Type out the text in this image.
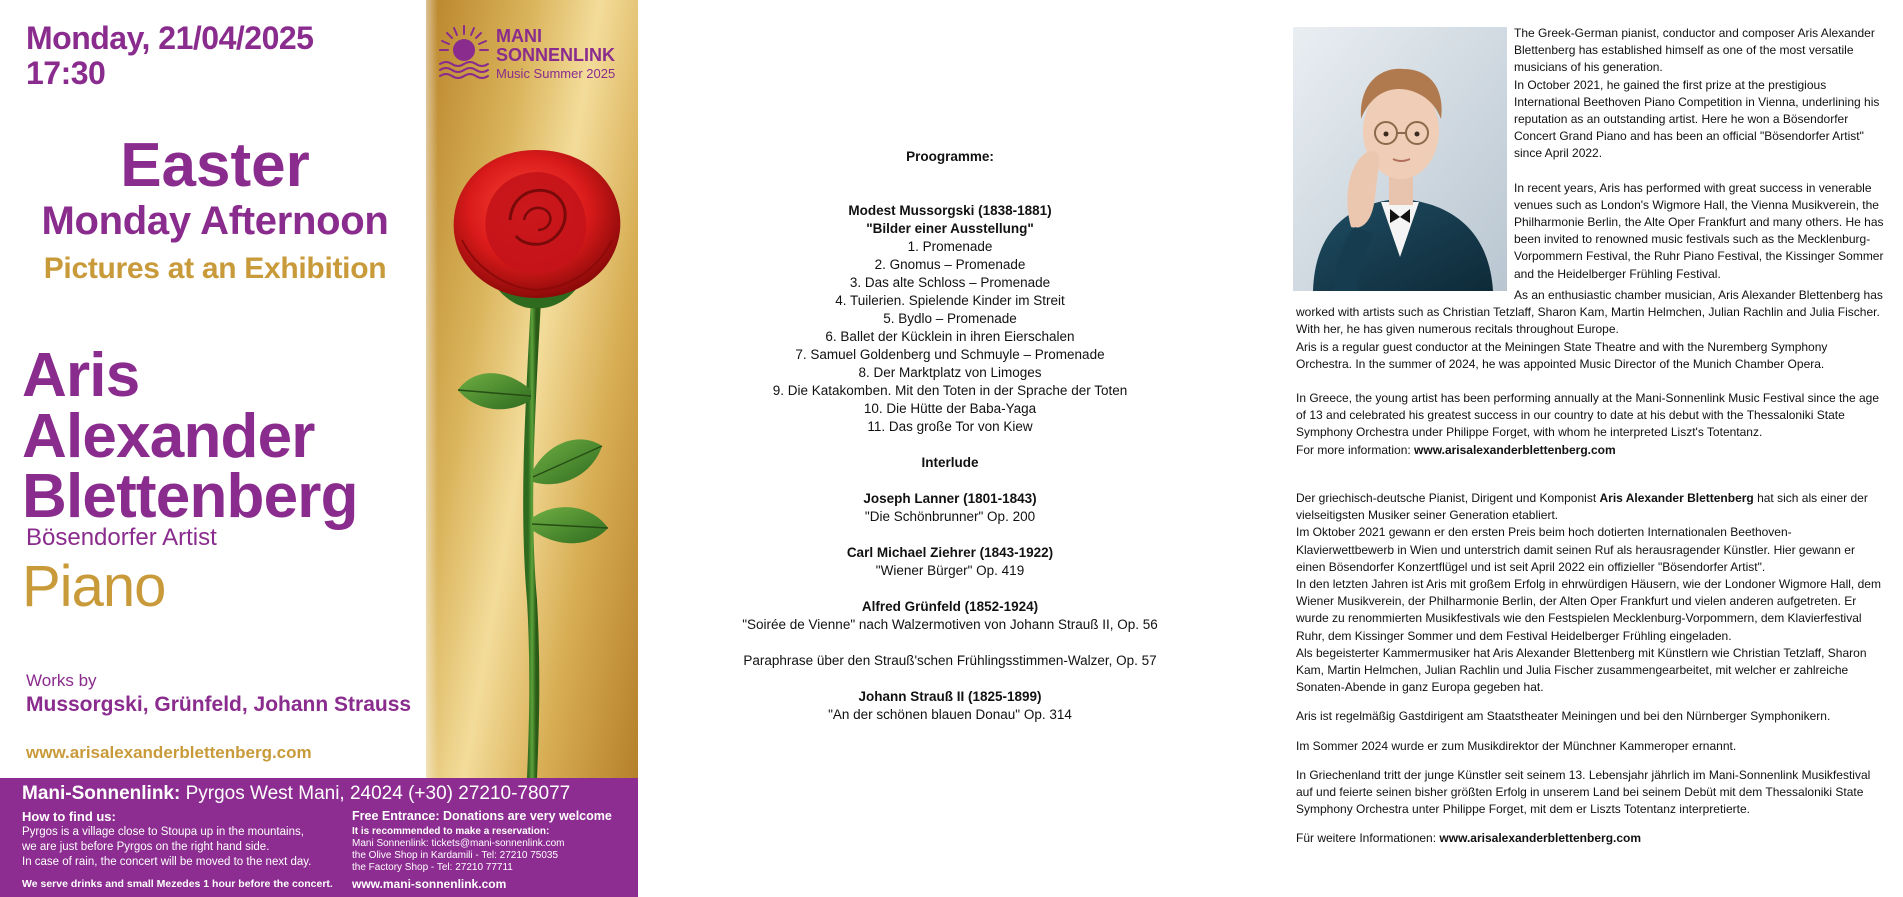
Monday, 21/04/2025
17:30
MANI
SONNENLINK
Music Summer 2025
Easter
Monday Afternoon
Pictures at an Exhibition
Aris
Alexander
Blettenberg
Bösendorfer Artist
Piano
Works by
Mussorgski, Grünfeld, Johann Strauss
www.arisalexanderblettenberg.com
Mani-Sonnenlink: Pyrgos West Mani, 24024 (+30) 27210-78077
How to find us:
Pyrgos is a village close to Stoupa up in the mountains,
we are just before Pyrgos on the right hand side.
In case of rain, the concert will be moved to the next day.
We serve drinks and small Mezedes 1 hour before the concert.
Free Entrance: Donations are very welcome
It is recommended to make a reservation:
Mani Sonnenlink: tickets@mani-sonnenlink.com
the Olive Shop in Kardamili - Tel: 27210 75035
the Factory Shop - Tel: 27210 77711
www.mani-sonnenlink.com
Proogramme:
Modest Mussorgski (1838-1881)
"Bilder einer Ausstellung"
1. Promenade
2. Gnomus – Promenade
3. Das alte Schloss – Promenade
4. Tuilerien. Spielende Kinder im Streit
5. Bydlo – Promenade
6. Ballet der Kücklein in ihren Eierschalen
7. Samuel Goldenberg und Schmuyle – Promenade
8. Der Marktplatz von Limoges
9. Die Katakomben. Mit den Toten in der Sprache der Toten
10. Die Hütte der Baba-Yaga
11. Das große Tor von Kiew
Interlude
Joseph Lanner (1801-1843)
"Die Schönbrunner" Op. 200
Carl Michael Ziehrer (1843-1922)
"Wiener Bürger" Op. 419
Alfred Grünfeld (1852-1924)
"Soirée de Vienne" nach Walzermotiven von Johann Strauß II, Op. 56
Paraphrase über den Strauß'schen Frühlingsstimmen-Walzer, Op. 57
Johann Strauß II (1825-1899)
"An der schönen blauen Donau" Op. 314

The Greek-German pianist, conductor and composer Aris Alexander Blettenberg has established himself as one of the most versatile musicians of his generation.

In October 2021, he gained the first prize at the prestigious International Beethoven Piano Competition in Vienna, underlining his reputation as an outstanding artist. Here he won a Bösendorfer Concert Grand Piano and has been an official "Bösendorfer Artist" since April 2022.

In recent years, Aris has performed with great success in venerable venues such as London's Wigmore Hall, the Vienna Musikverein, the Philharmonie Berlin, the Alte Oper Frankfurt and many others. He has been invited to renowned music festivals such as the Mecklenburg-Vorpommern Festival, the Ruhr Piano Festival, the Kissinger Sommer and the Heidelberger Frühling Festival.

As an enthusiastic chamber musician, Aris Alexander Blettenberg has worked with artists such as Christian Tetzlaff, Sharon Kam, Martin Helmchen, Julian Rachlin and Julia Fischer. With her, he has given numerous recitals throughout Europe.

Aris is a regular guest conductor at the Meiningen State Theatre and with the Nuremberg Symphony Orchestra. In the summer of 2024, he was appointed Music Director of the Munich Chamber Opera.

In Greece, the young artist has been performing annually at the Mani-Sonnenlink Music Festival since the age of 13 and celebrated his greatest success in our country to date at his debut with the Thessaloniki State Symphony Orchestra under Philippe Forget, with whom he interpreted Liszt's Totentanz.

For more information: www.arisalexanderblettenberg.com

Der griechisch-deutsche Pianist, Dirigent und Komponist Aris Alexander Blettenberg hat sich als einer der vielseitigsten Musiker seiner Generation etabliert.

Im Oktober 2021 gewann er den ersten Preis beim hoch dotierten Internationalen Beethoven-Klavierwettbewerb in Wien und unterstrich damit seinen Ruf als herausragender Künstler. Hier gewann er einen Bösendorfer Konzertflügel und ist seit April 2022 ein offizieller "Bösendorfer Artist".

In den letzten Jahren ist Aris mit großem Erfolg in ehrwürdigen Häusern, wie der Londoner Wigmore Hall, dem Wiener Musikverein, der Philharmonie Berlin, der Alten Oper Frankfurt und vielen anderen aufgetreten. Er wurde zu renommierten Musikfestivals wie den Festspielen Mecklenburg-Vorpommern, dem Klavierfestival Ruhr, dem Kissinger Sommer und dem Festival Heidelberger Frühling eingeladen.

Als begeisterter Kammermusiker hat Aris Alexander Blettenberg mit Künstlern wie Christian Tetzlaff, Sharon Kam, Martin Helmchen, Julian Rachlin und Julia Fischer zusammengearbeitet, mit welcher er zahlreiche Sonaten-Abende in ganz Europa gegeben hat.

Aris ist regelmäßig Gastdirigent am Staatstheater Meiningen und bei den Nürnberger Symphonikern.

Im Sommer 2024 wurde er zum Musikdirektor der Münchner Kammeroper ernannt.

In Griechenland tritt der junge Künstler seit seinem 13. Lebensjahr jährlich im Mani-Sonnenlink Musikfestival auf und feierte seinen bisher größten Erfolg in unserem Land bei seinem Debüt mit dem Thessaloniki State Symphony Orchestra unter Philippe Forget, mit dem er Liszts Totentanz interpretierte.

Für weitere Informationen: www.arisalexanderblettenberg.com
